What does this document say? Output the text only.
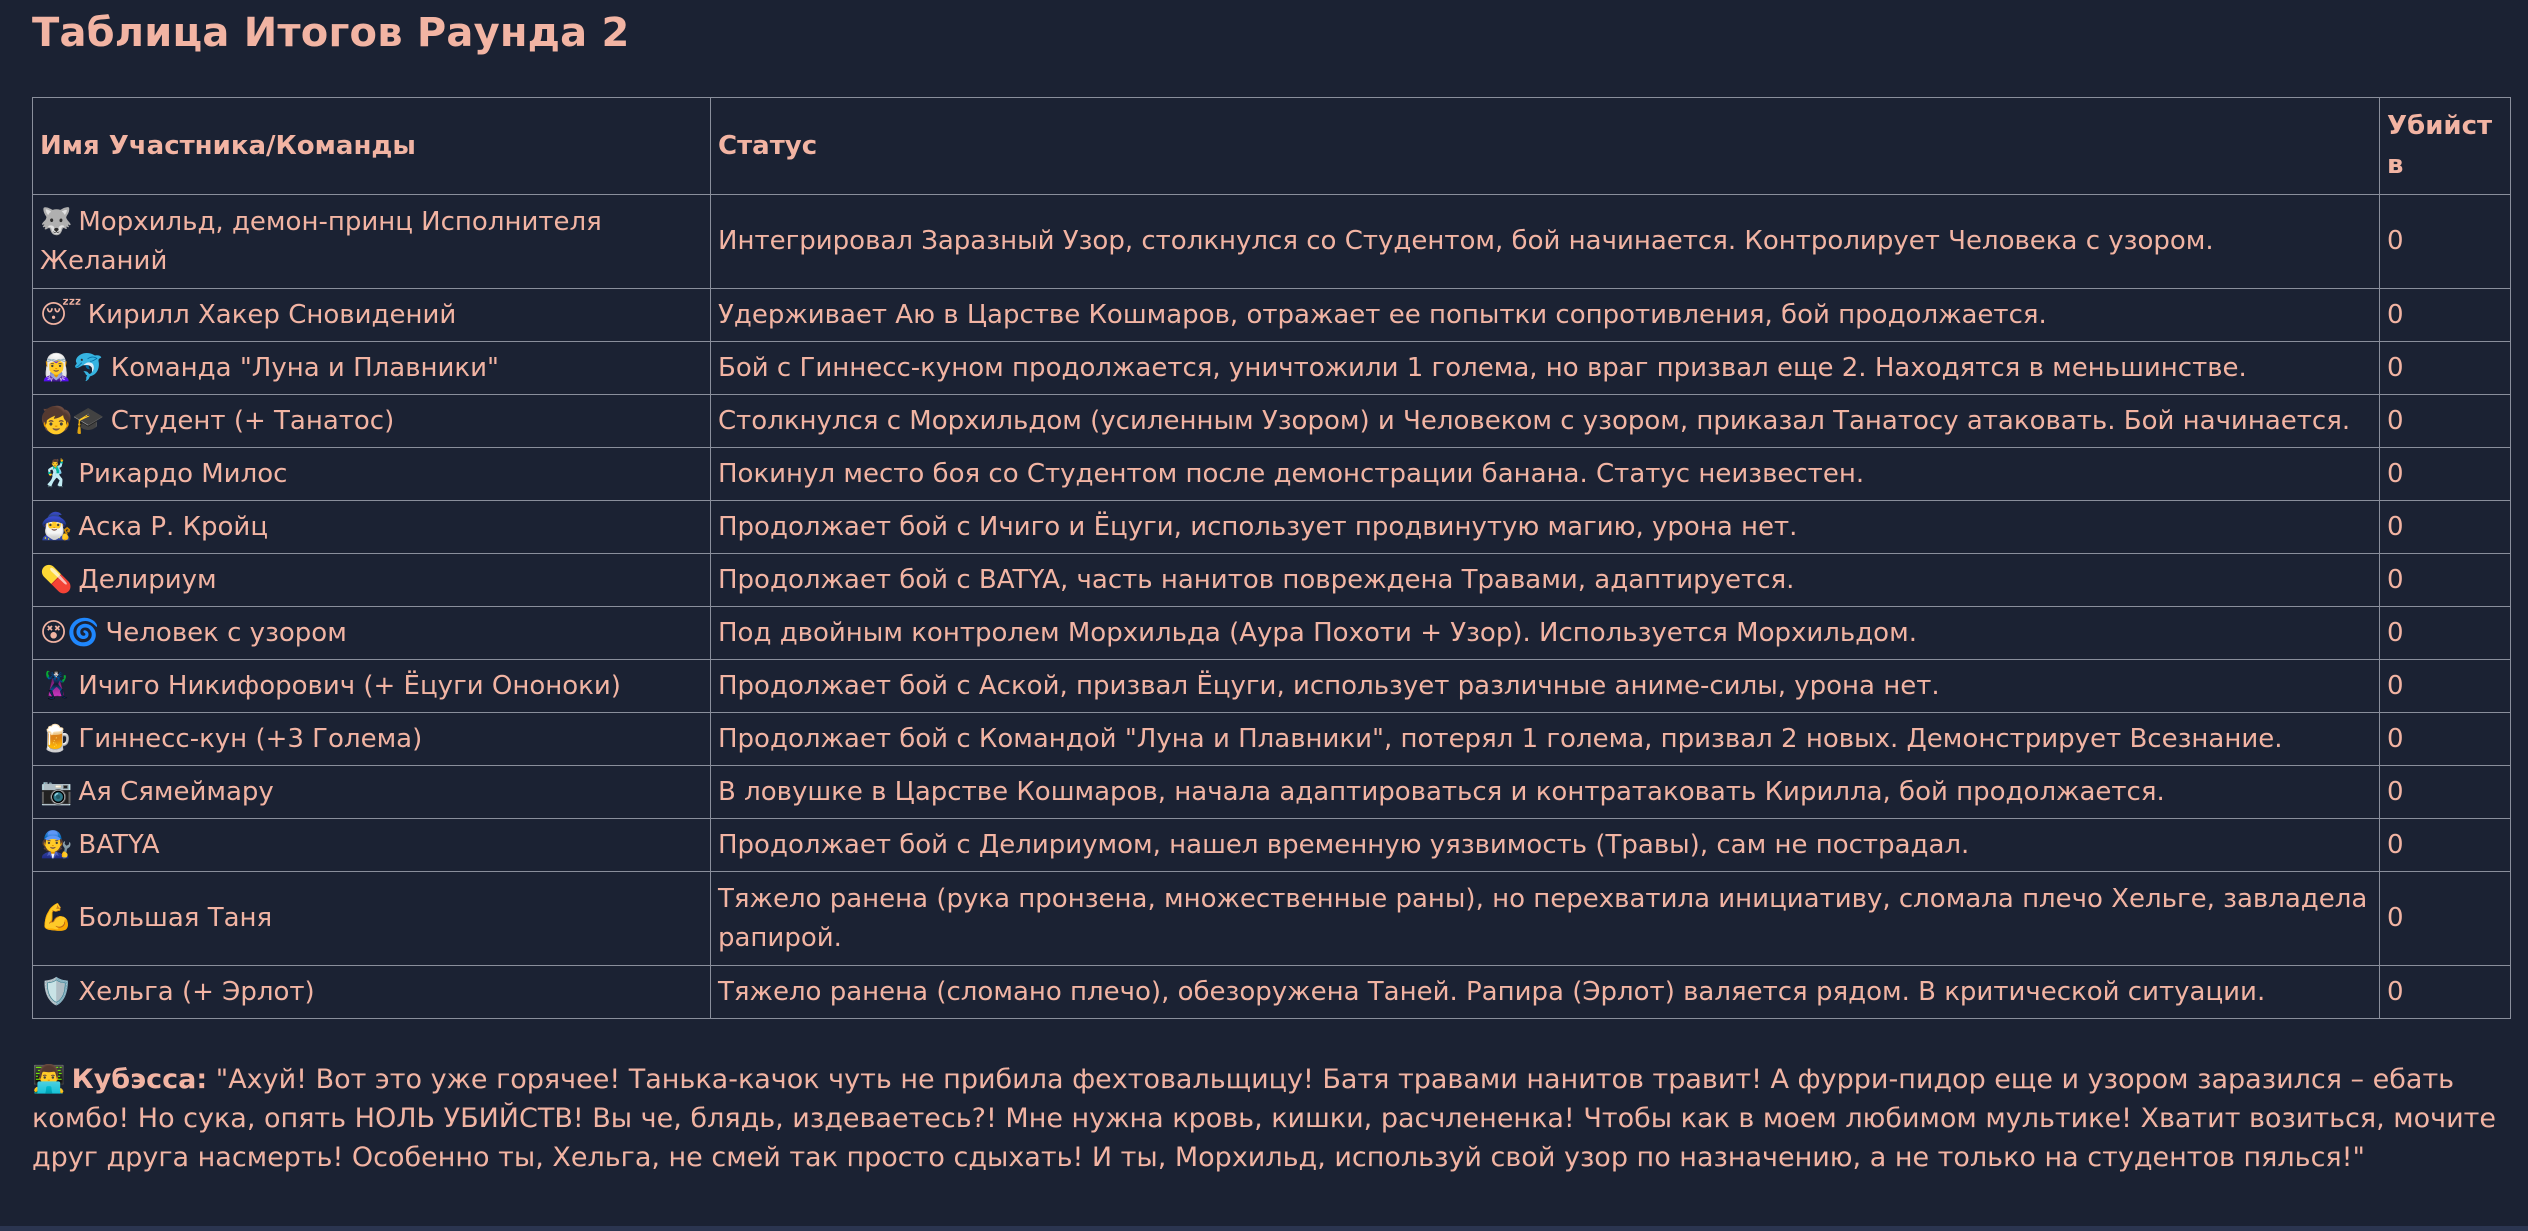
Таблица Итогов Раунда 2
Имя Участника/Команды	Статус	Убийств
🐺 Морхильд, демон-принц Исполнителя Желаний	Интегрировал Заразный Узор, столкнулся со Студентом, бой начинается. Контролирует Человека с узором.	0
😴 Кирилл Хакер Сновидений	Удерживает Аю в Царстве Кошмаров, отражает ее попытки сопротивления, бой продолжается.	0
🧝‍♀️🐬 Команда "Луна и Плавники"	Бой с Гиннесс-куном продолжается, уничтожили 1 голема, но враг призвал еще 2. Находятся в меньшинстве.	0
🧒🎓 Студент (+ Танатос)	Столкнулся с Морхильдом (усиленным Узором) и Человеком с узором, приказал Танатосу атаковать. Бой начинается.	0
🕺 Рикардо Милос	Покинул место боя со Студентом после демонстрации банана. Статус неизвестен.	0
🧙‍♂️ Аска Р. Кройц	Продолжает бой с Ичиго и Ёцуги, использует продвинутую магию, урона нет.	0
💊 Делириум	Продолжает бой с BATYA, часть нанитов повреждена Травами, адаптируется.	0
😵🌀 Человек с узором	Под двойным контролем Морхильда (Аура Похоти + Узор). Используется Морхильдом.	0
🦹‍♂️ Ичиго Никифорович (+ Ёцуги Ононоки)	Продолжает бой с Аской, призвал Ёцуги, использует различные аниме-силы, урона нет.	0
🍺 Гиннесс-кун (+3 Голема)	Продолжает бой с Командой "Луна и Плавники", потерял 1 голема, призвал 2 новых. Демонстрирует Всезнание.	0
📷 Ая Сямеймару	В ловушке в Царстве Кошмаров, начала адаптироваться и контратаковать Кирилла, бой продолжается.	0
🧑‍🔧 BATYA	Продолжает бой с Делириумом, нашел временную уязвимость (Травы), сам не пострадал.	0
💪 Большая Таня	Тяжело ранена (рука пронзена, множественные раны), но перехватила инициативу, сломала плечо Хельге, завладела рапирой.	0
🛡️ Хельга (+ Эрлот)	Тяжело ранена (сломано плечо), обезоружена Таней. Рапира (Эрлот) валяется рядом. В критической ситуации.	0
👨‍💻 Кубэсса: "Ахуй! Вот это уже горячее! Танька-качок чуть не прибила фехтовальщицу! Батя травами нанитов травит! А фурри-пидор еще и узором заразился – ебать комбо! Но сука, опять НОЛЬ УБИЙСТВ! Вы че, блядь, издеваетесь?! Мне нужна кровь, кишки, расчлененка! Чтобы как в моем любимом мультике! Хватит возиться, мочите друг друга насмерть! Особенно ты, Хельга, не смей так просто сдыхать! И ты, Морхильд, используй свой узор по назначению, а не только на студентов пялься!"
